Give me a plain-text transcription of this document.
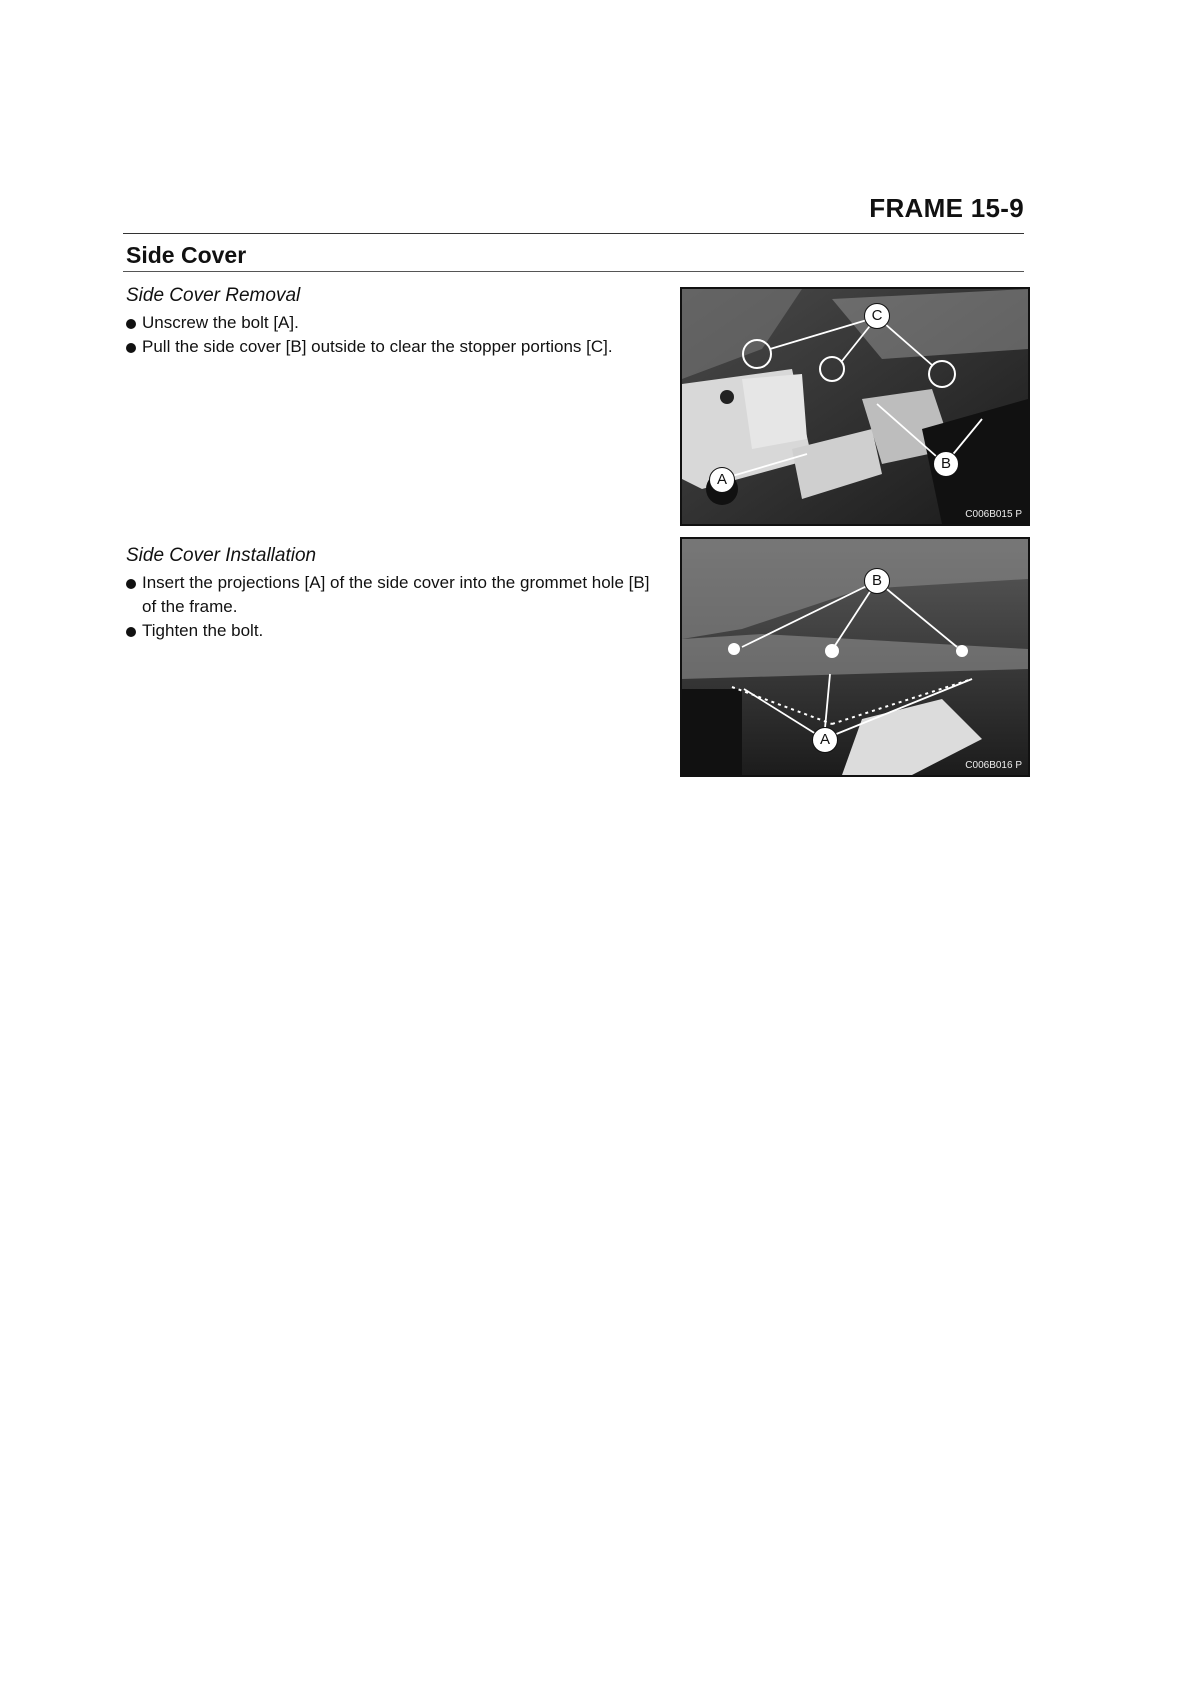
FRAME 15-9
Side Cover
Side Cover Removal
Unscrew the bolt [A].
Pull the side cover [B] outside to clear the stopper portions [C].
C
B
A
C006B015 P
Side Cover Installation
Insert the projections [A] of the side cover into the grommet hole [B] of the frame.
Tighten the bolt.
B
A
C006B016 P
